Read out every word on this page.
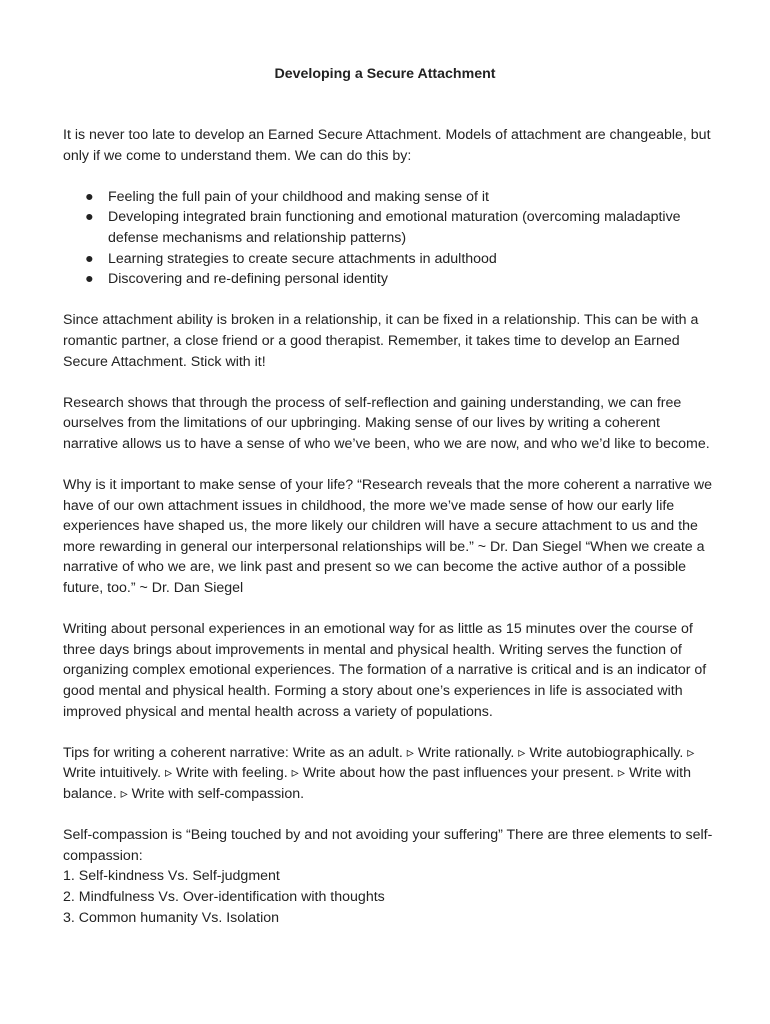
Developing a Secure Attachment

It is never too late to develop an Earned Secure Attachment. Models of attachment are changeable, but only if we come to understand them. We can do this by:

● Feeling the full pain of your childhood and making sense of it
● Developing integrated brain functioning and emotional maturation (overcoming maladaptive defense mechanisms and relationship patterns)
● Learning strategies to create secure attachments in adulthood
● Discovering and re-defining personal identity

Since attachment ability is broken in a relationship, it can be fixed in a relationship. This can be with a romantic partner, a close friend or a good therapist. Remember, it takes time to develop an Earned Secure Attachment. Stick with it!

Research shows that through the process of self-reflection and gaining understanding, we can free ourselves from the limitations of our upbringing. Making sense of our lives by writing a coherent narrative allows us to have a sense of who we’ve been, who we are now, and who we’d like to become.

Why is it important to make sense of your life? “Research reveals that the more coherent a narrative we have of our own attachment issues in childhood, the more we’ve made sense of how our early life experiences have shaped us, the more likely our children will have a secure attachment to us and the more rewarding in general our interpersonal relationships will be.” ~ Dr. Dan Siegel “When we create a narrative of who we are, we link past and present so we can become the active author of a possible future, too.” ~ Dr. Dan Siegel

Writing about personal experiences in an emotional way for as little as 15 minutes over the course of three days brings about improvements in mental and physical health. Writing serves the function of organizing complex emotional experiences. The formation of a narrative is critical and is an indicator of good mental and physical health. Forming a story about one’s experiences in life is associated with improved physical and mental health across a variety of populations.

Tips for writing a coherent narrative: Write as an adult. ▹ Write rationally. ▹ Write autobiographically. ▹ Write intuitively. ▹ Write with feeling. ▹ Write about how the past influences your present. ▹ Write with balance. ▹ Write with self-compassion.

Self-compassion is “Being touched by and not avoiding your suffering” There are three elements to self-compassion:

1. Self-kindness Vs. Self-judgment
2. Mindfulness Vs. Over-identification with thoughts
3. Common humanity Vs. Isolation
